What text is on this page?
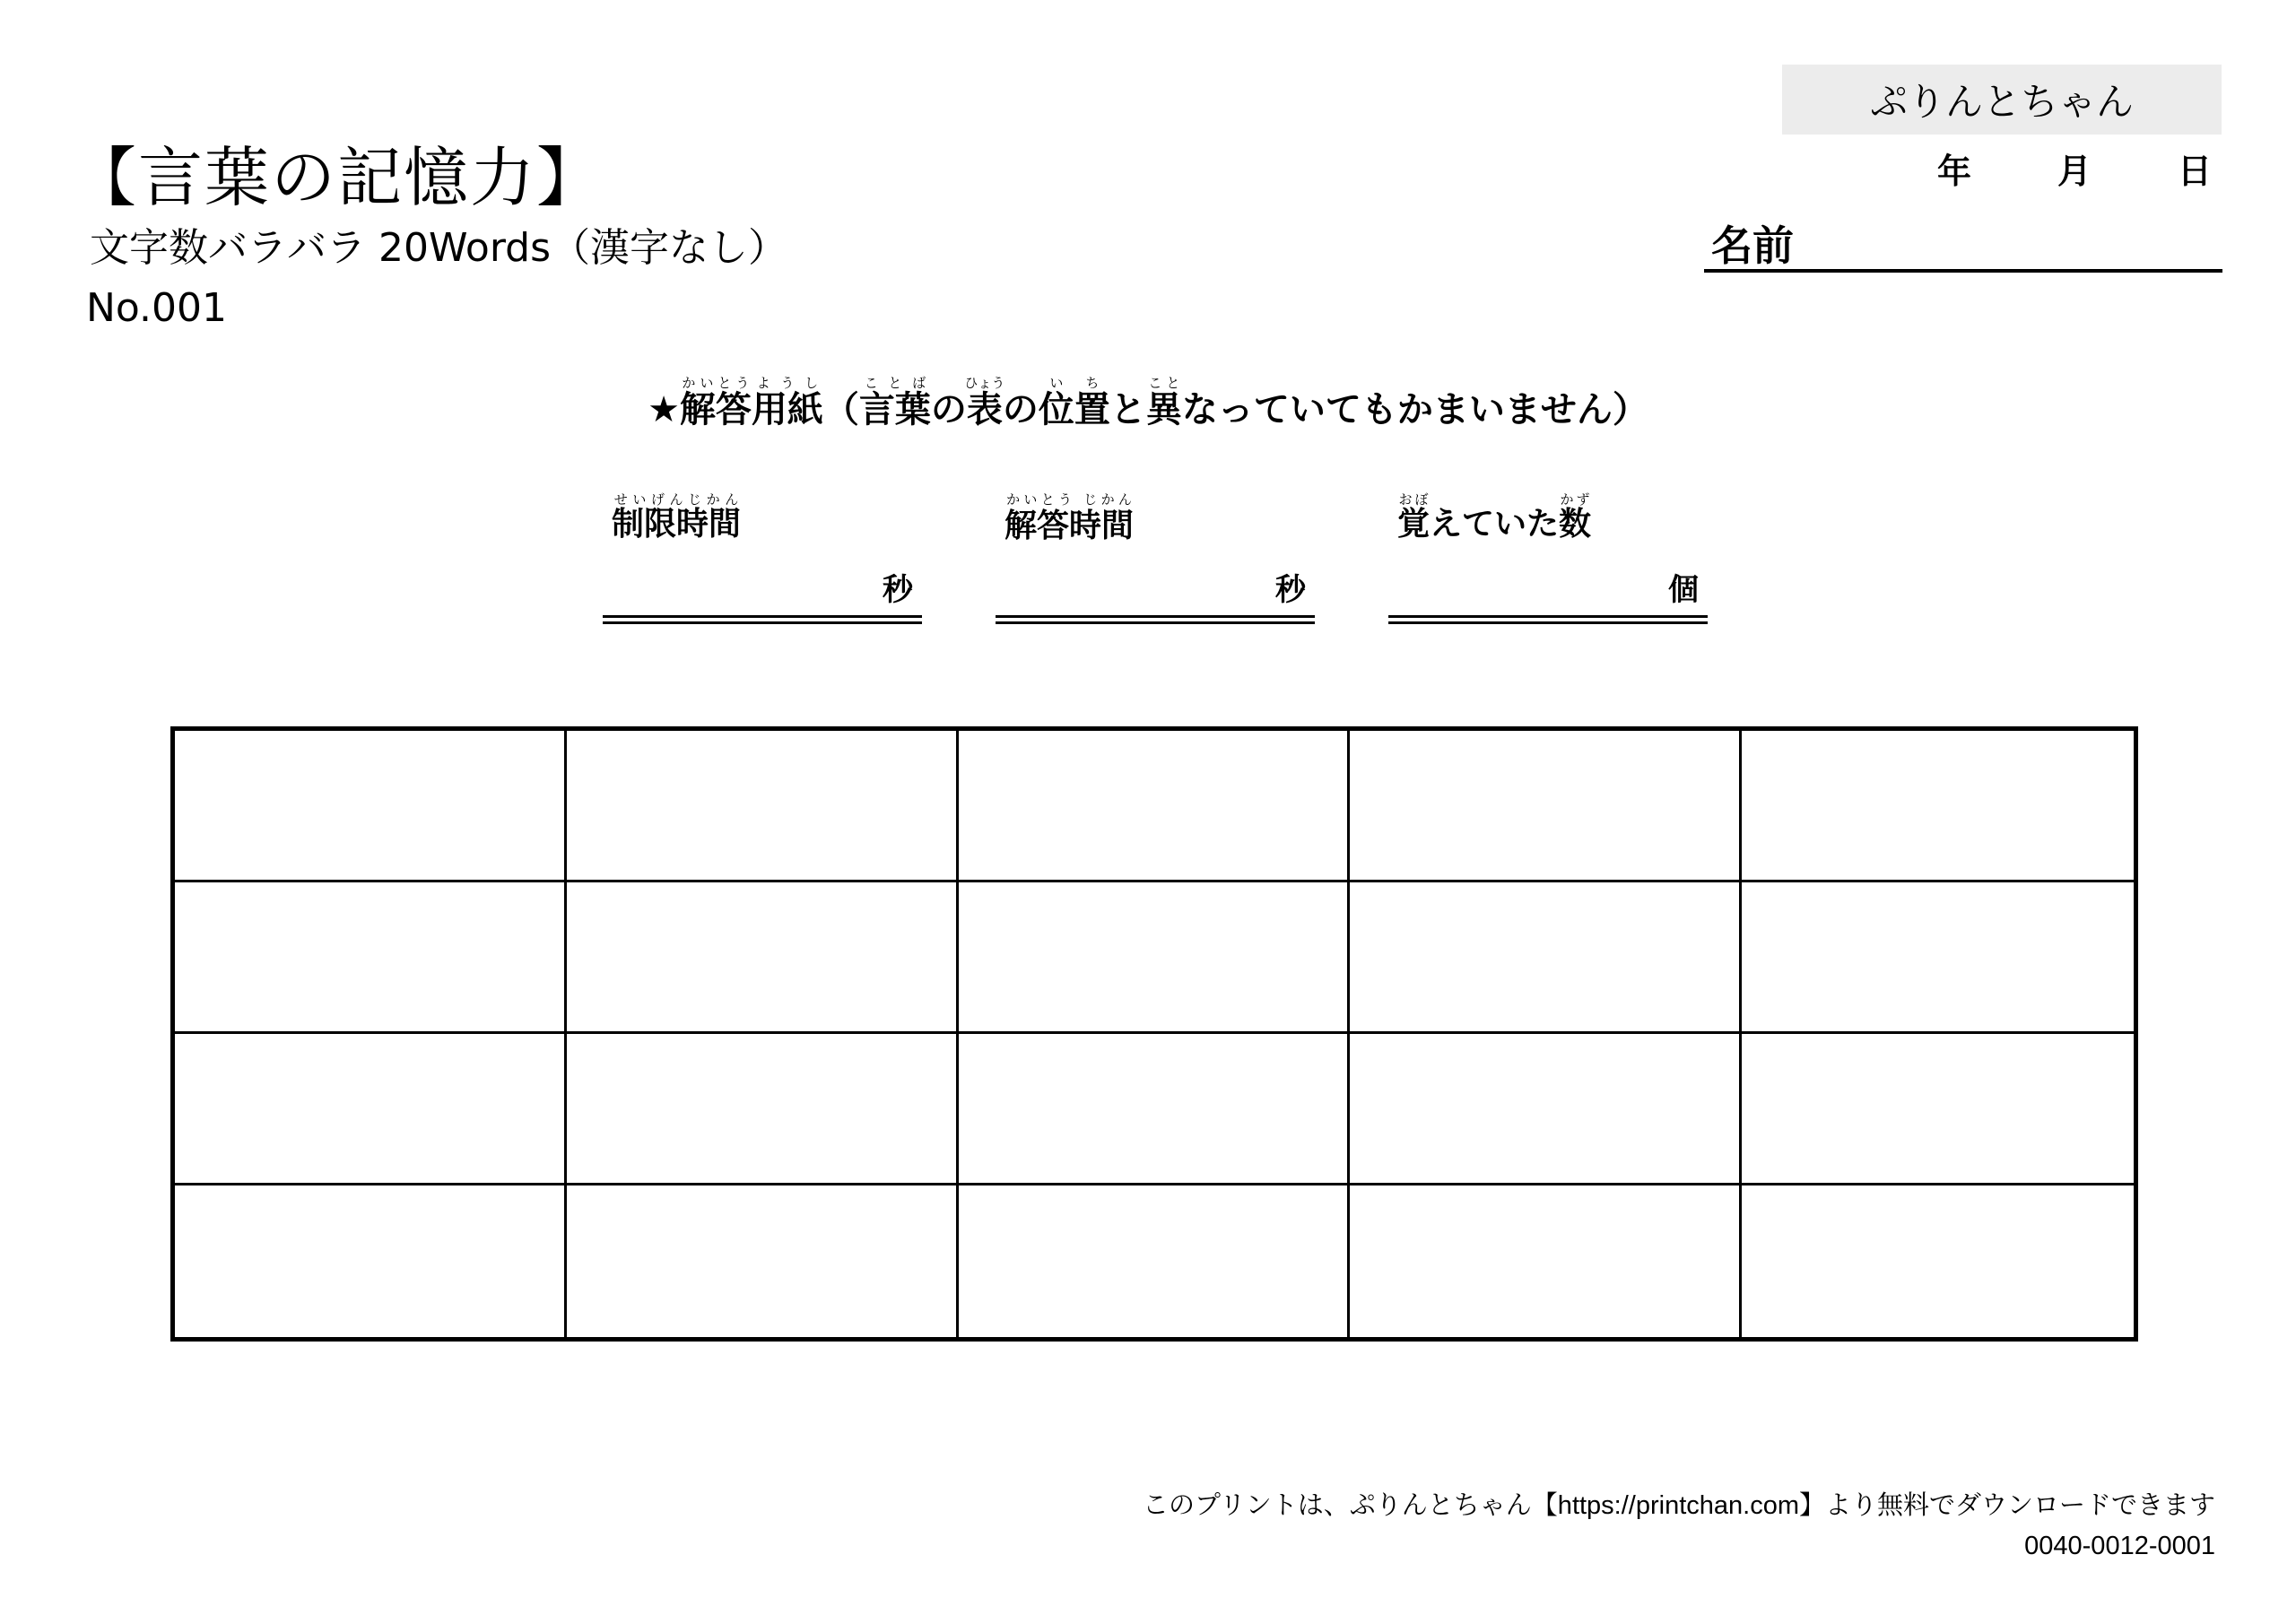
【言葉の記憶力】
文字数バラバラ 20Words（漢字なし）
No.001
ぷりんとちゃん
年	月	日
名前
★解答かいとう用紙ようし（言葉ことばの表ひょうの位置いちと異ことなっていてもかまいません）
制限時間せいげんじかん
秒
解答時間かいとう じかん
秒
覚おぼえていた数かず
個
このプリントは、ぷりんとちゃん【https://printchan.com】より無料でダウンロードできます
0040-0012-0001
